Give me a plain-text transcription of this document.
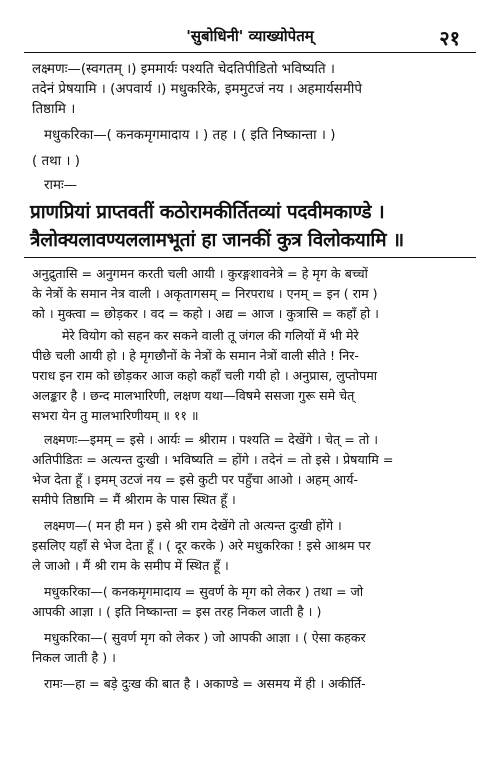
'सुबोधिनी' व्याख्योपेतम्	२१
लक्ष्मणः—(स्वगतम् ।) इममार्यः पश्यति चेदतिपीडितो भविष्यति ।
तदेनं प्रेषयामि । (अपवार्य ।) मधुकरिके, इममुटजं नय । अहमार्यसमीपे
तिष्ठामि ।
मधुकरिका—( कनकमृगमादाय । ) तह । ( इति निष्कान्ता । )
( तथा । )
रामः—
प्राणप्रियां प्राप्तवतीं कठोरामकीर्तितव्यां पदवीमकाण्डे ।
त्रैलोक्यलावण्यललामभूतां हा जानकीं कुत्र विलोकयामि ॥
अनुद्रुतासि = अनुगमन करती चली आयी । कुरङ्गशावनेत्रे = हे मृग के बच्चों
के नेत्रों के समान नेत्र वाली । अकृतागसम् = निरपराध । एनम् = इन ( राम )
को । मुक्त्वा = छोड़कर । वद = कहो । अद्य = आज । कुत्रासि = कहाँ हो ।
मेरे वियोग को सहन कर सकने वाली तू जंगल की गलियों में भी मेरे
पीछे चली आयी हो । हे मृगछौनों के नेत्रों के समान नेत्रों वाली सीते ! निर-
पराध इन राम को छोड़कर आज कहो कहाँ चली गयी हो । अनुप्रास, लुप्तोपमा
अलङ्कार है । छन्द मालभारिणी, लक्षण यथा—विषमे ससजा गुरू समे चेत्
सभरा येन तु मालभारिणीयम् ॥ ११ ॥
लक्ष्मणः—इमम् = इसे । आर्यः = श्रीराम । पश्यति = देखेंगे । चेत् = तो ।
अतिपीडितः = अत्यन्त दुःखी । भविष्यति = होंगे । तदेनं = तो इसे । प्रेषयामि =
भेज देता हूँ । इमम् उटजं नय = इसे कुटी पर पहुँचा आओ । अहम् आर्य-
समीपे तिष्ठामि = मैं श्रीराम के पास स्थित हूँ ।
लक्ष्मण—( मन ही मन ) इसे श्री राम देखेंगे तो अत्यन्त दुःखी होंगे ।
इसलिए यहाँ से भेज देता हूँ । ( दूर करके ) अरे मधुकरिका ! इसे आश्रम पर
ले जाओ । मैं श्री राम के समीप में स्थित हूँ ।
मधुकरिका—( कनकमृगमादाय = सुवर्ण के मृग को लेकर ) तथा = जो
आपकी आज्ञा । ( इति निष्कान्ता = इस तरह निकल जाती है । )
मधुकरिका—( सुवर्ण मृग को लेकर ) जो आपकी आज्ञा । ( ऐसा कहकर
निकल जाती है ) ।
रामः—हा = बड़े दुःख की बात है । अकाण्डे = असमय में ही । अकीर्ति-
